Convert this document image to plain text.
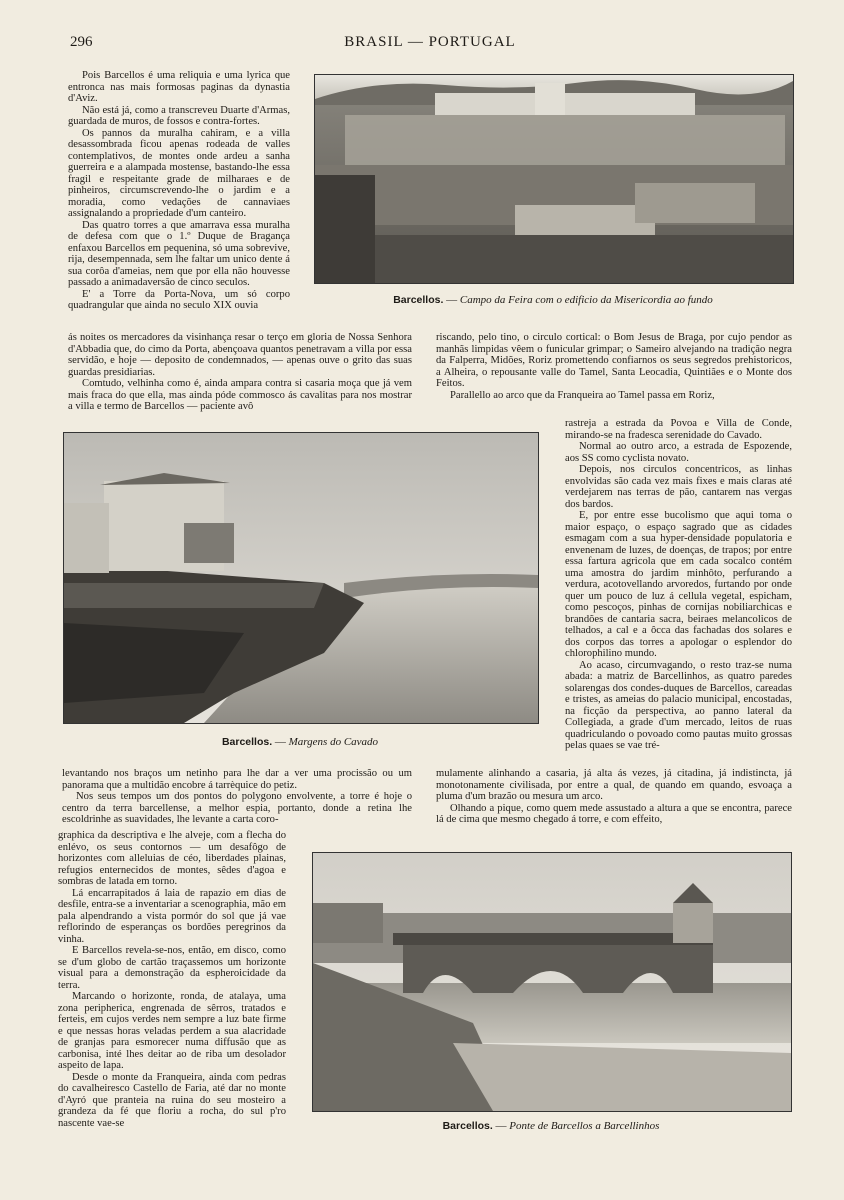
296	BRASIL — PORTUGAL

Pois Barcellos é uma reliquia e uma lyrica que entronca nas mais formosas paginas da dynastia d'Aviz.

Não está já, como a transcreveu Duarte d'Armas, guardada de muros, de fossos e contra-fortes.

Os pannos da muralha cahiram, e a villa desassombrada ficou apenas rodeada de valles contemplativos, de montes onde ardeu a sanha guerreira e a alampada mostense, bastando-lhe essa fragil e respeitante grade de milharaes e de pinheiros, circumscrevendo-lhe o jardim e a moradia, como vedações de cannaviaes assignalando a propriedade d'um canteiro.

Das quatro torres a que amarrava essa muralha de defesa com que o 1.º Duque de Bragança enfaxou Barcellos em pequenina, só uma sobrevive, rija, desempennada, sem lhe faltar um unico dente á sua corôa d'ameias, nem que por ella não houvesse passado a animadaversão de cinco seculos.

E' a Torre da Porta-Nova, um só corpo quadrangular que ainda no seculo XIX ouvia	Barcellos. — Campo da Feira com o edificio da Misericordia ao fundo

ás noites os mercadores da visinhança resar o terço em gloria de Nossa Senhora d'Abbadia que, do cimo da Porta, abençoava quantos penetravam a villa por essa servidão, e hoje — deposito de condemnados, — apenas ouve o grito das suas guardas presidiarias.

Comtudo, velhinha como é, ainda ampara contra si casaria moça que já vem mais fraca do que ella, mas ainda póde commosco ás cavalitas para nos mostrar a villa e termo de Barcellos — paciente avô

riscando, pelo tino, o circulo cortical: o Bom Jesus de Braga, por cujo pendor as manhãs limpidas vêem o funicular grimpar; o Sameiro alvejando na tradição negra da Falperra, Midões, Roriz promettendo confiarnos os seus segredos prehistoricos, a Alheira, o repousante valle do Tamel, Santa Leocadia, Quintiães e o Monte dos Feitos.

Parallello ao arco que da Franqueira ao Tamel passa em Roriz,

Barcellos. — Margens do Cavado

rastreja a estrada da Povoa e Villa de Conde, mirando-se na fradesca serenidade do Cavado.

Normal ao outro arco, a estrada de Espozende, aos SS como cyclista novato.

Depois, nos circulos concentricos, as linhas envolvidas são cada vez mais fixes e mais claras até verdejarem nas terras de pão, cantarem nas vergas dos bardos.

E, por entre esse bucolismo que aqui toma o maior espaço, o espaço sagrado que as cidades esmagam com a sua hyper-densidade populatoria e envenenam de luzes, de doenças, de trapos; por entre essa fartura agricola que em cada socalco contém uma amostra do jardim minhôto, perfurando a verdura, acotovellando arvoredos, furtando por onde quer um pouco de luz á cellula vegetal, espicham, como pescoços, pinhas de cornijas nobiliarchicas e brandões de cantaria sacra, beiraes melancolicos de telhados, a cal e a ôcca das fachadas dos solares e dos corpos das torres a apologar o esplendor do chlorophilino mundo.

Ao acaso, circumvagando, o resto traz-se numa abada: a matriz de Barcellinhos, as quatro paredes solarengas dos condes-duques de Barcellos, careadas e tristes, as ameias do palacio municipal, encostadas, na ficção da perspectiva, ao panno lateral da Collegiada, a grade d'um mercado, leitos de ruas quadriculando o povoado como pautas muito grossas pelas quaes se vae tré-

levantando nos braços um netinho para lhe dar a ver uma procissão ou um panorama que a multidão encobre á tarrèquice do petiz.

Nos seus tempos um dos pontos do polygono envolvente, a torre é hoje o centro da terra barcellense, a melhor espia, portanto, donde a retina lhe escoldrinhe as suavidades, lhe levante a carta coro-

mulamente alinhando a casaria, já alta ás vezes, já citadina, já indistincta, já monotonamente civilisada, por entre a qual, de quando em quando, esvoaça a pluma d'um brazão ou mesura um arco.

Olhando a pique, como quem mede assustado a altura a que se encontra, parece lá de cima que mesmo chegado á torre, e com effeito,

graphica da descriptiva e lhe alveje, com a flecha do enlévo, os seus contornos — um desafôgo de horizontes com alleluias de céo, liberdades plainas, refugios enternecidos de montes, sêdes d'agoa e sombras de latada em torno.

Lá encarrapitados á laia de rapazio em dias de desfile, entra-se a inventariar a scenographia, mão em pala alpendrando a vista pormór do sol que já vae reflorindo de esperanças os bordões peregrinos da vinha.

E Barcellos revela-se-nos, então, em disco, como se d'um globo de cartão traçassemos um horizonte visual para a demonstração da espheroicidade da terra.

Marcando o horizonte, ronda, de atalaya, uma zona peripherica, engrenada de sêrros, tratados e ferteis, em cujos verdes nem sempre a luz bate firme e que nessas horas veladas perdem a sua alacridade de granjas para esmorecer numa diffusão que as carbonisa, inté lhes deitar ao de riba um desolador aspeito de lapa.

Desde o monte da Franqueira, ainda com pedras do cavalheiresco Castello de Faria, até dar no monte d'Ayró que pranteia na ruina do seu mosteiro a grandeza da fé que floriu a rocha, do sul p'ro nascente vae-se	Barcellos. — Ponte de Barcellos a Barcellinhos
